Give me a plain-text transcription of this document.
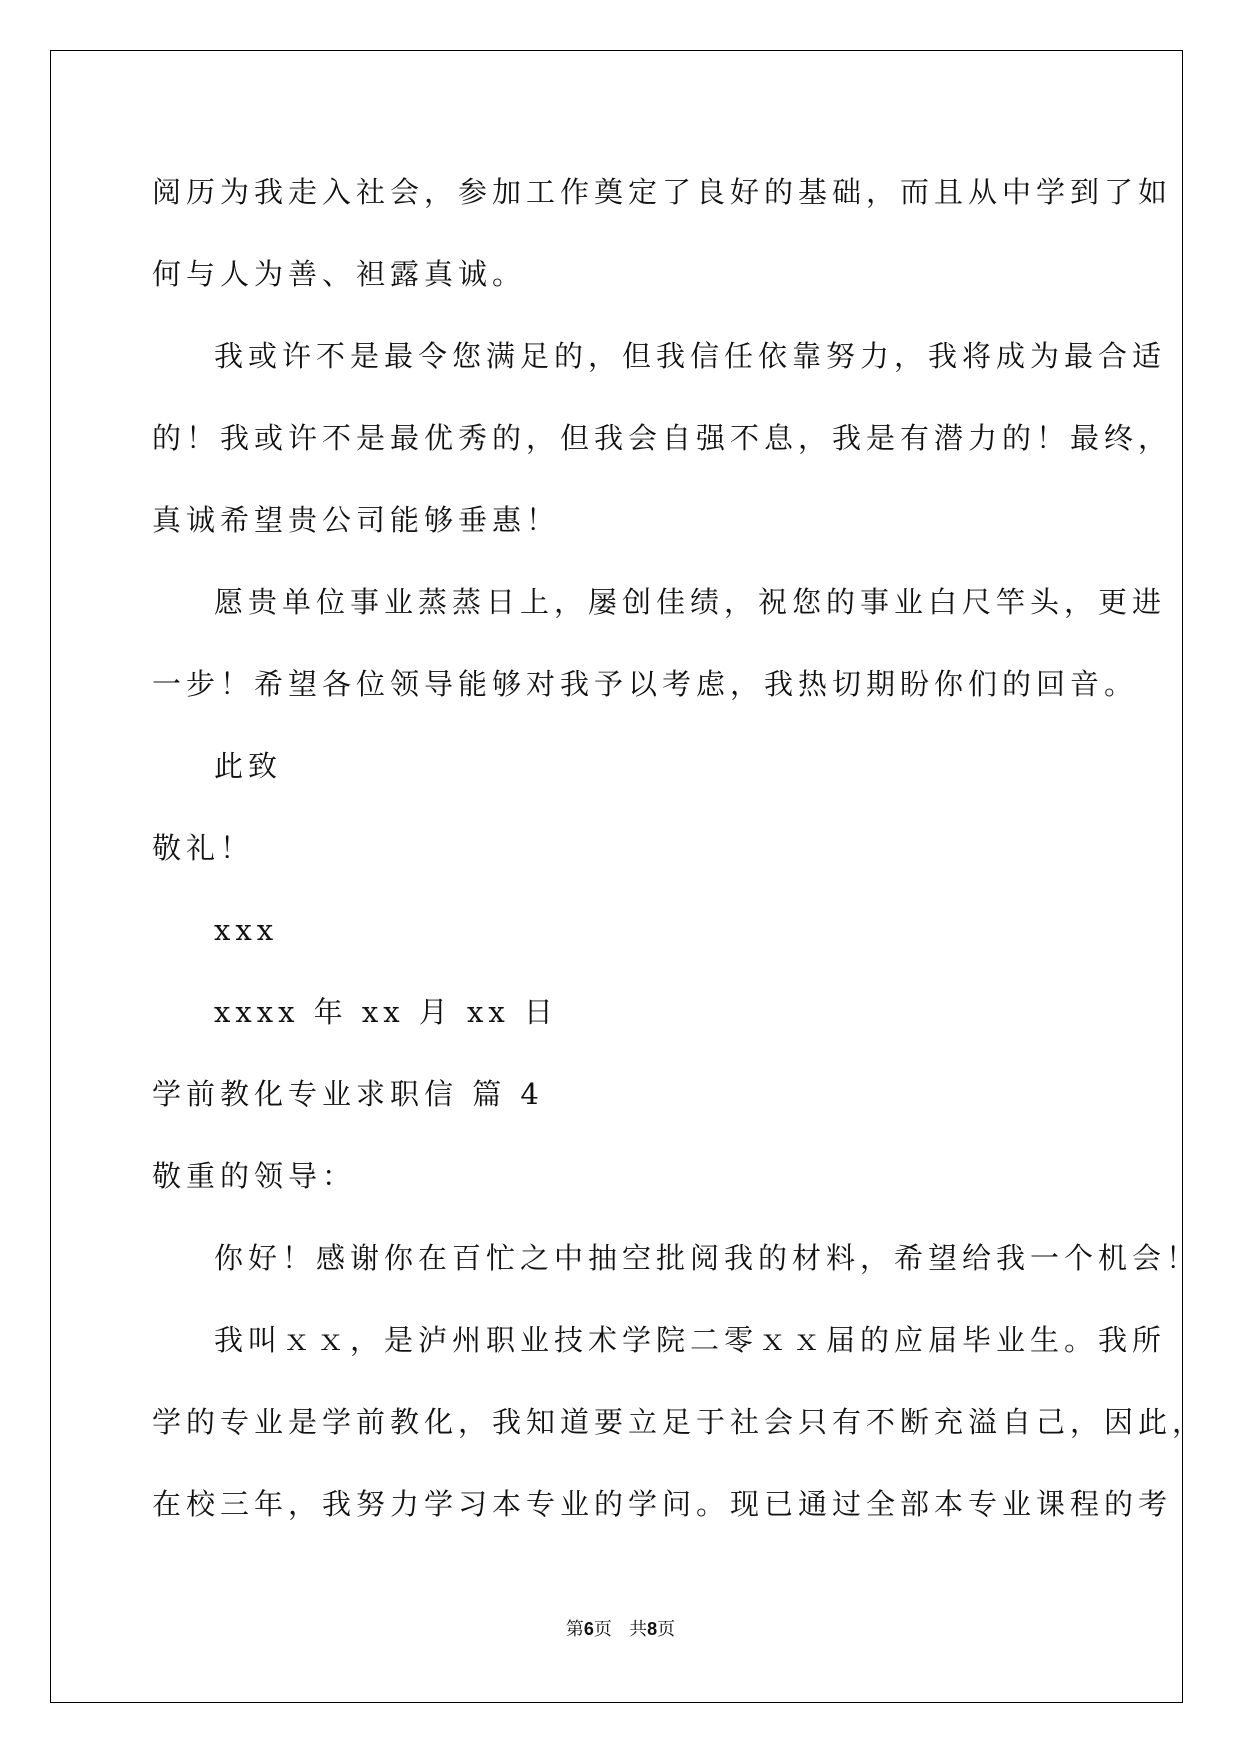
阅历为我走入社会，参加工作奠定了良好的基础，而且从中学到了如
何与人为善、袒露真诚。
我或许不是最令您满足的，但我信任依靠努力，我将成为最合适
的！我或许不是最优秀的，但我会自强不息，我是有潜力的！最终，
真诚希望贵公司能够垂惠！
愿贵单位事业蒸蒸日上，屡创佳绩，祝您的事业白尺竿头，更进
一步！希望各位领导能够对我予以考虑，我热切期盼你们的回音。
此致
敬礼！
xxx
xxxx 年 xx 月 xx 日
学前教化专业求职信 篇 4
敬重的领导：
你好！感谢你在百忙之中抽空批阅我的材料，希望给我一个机会！
我叫ｘｘ，是泸州职业技术学院二零ｘｘ届的应届毕业生。我所
学的专业是学前教化，我知道要立足于社会只有不断充溢自己，因此，
在校三年，我努力学习本专业的学问。现已通过全部本专业课程的考
第6页 共8页
